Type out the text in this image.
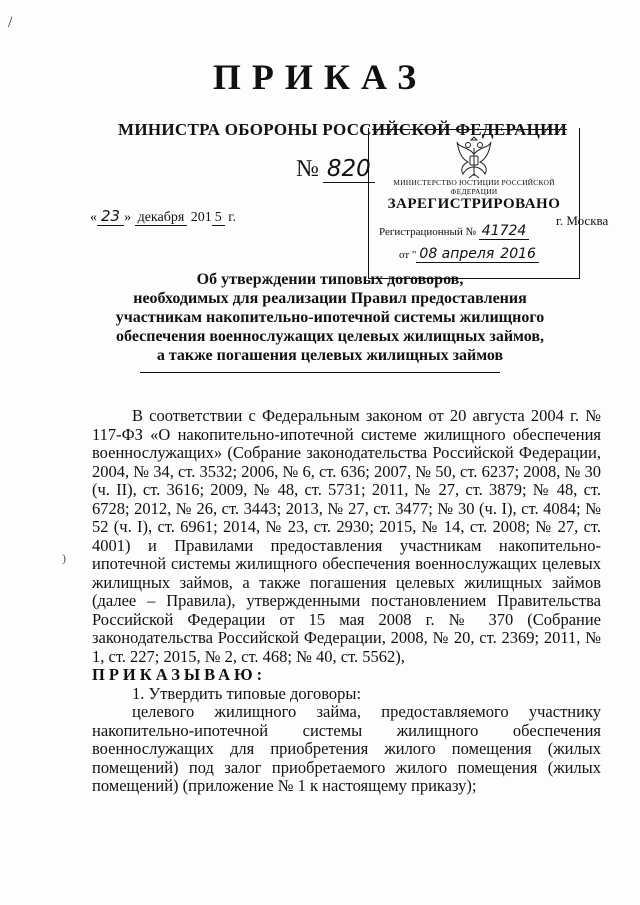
/
ПРИКАЗ
МИНИСТРА ОБОРОНЫ РОССИЙСКОЙ ФЕДЕРАЦИИ
№ 820
« 23 » декабря 201 5 г.
МИНИСТЕРСТВО ЮСТИЦИИ РОССИЙСКОЙ ФЕДЕРАЦИИ
ЗАРЕГИСТРИРОВАНО
Регистрационный № 41724
от " 08 апреля 2016
г. Москва
Об утверждении типовых договоров,
необходимых для реализации Правил предоставления
участникам накопительно-ипотечной системы жилищного
обеспечения военнослужащих целевых жилищных займов,
а также погашения целевых жилищных займов
)

В соответствии с Федеральным законом от 20 августа 2004 г. № 117-ФЗ «О накопительно-ипотечной системе жилищного обеспечения военнослужащих» (Собрание законодательства Российской Федерации, 2004, № 34, ст. 3532; 2006, № 6, ст. 636; 2007, № 50, ст. 6237; 2008, № 30 (ч. II), ст. 3616; 2009, № 48, ст. 5731; 2011, № 27, ст. 3879; № 48, ст. 6728; 2012, № 26, ст. 3443; 2013, № 27, ст. 3477; № 30 (ч. I), ст. 4084; № 52 (ч. I), ст. 6961; 2014, № 23, ст. 2930; 2015, № 14, ст. 2008; № 27, ст. 4001) и Правилами предоставления участникам накопительно-ипотечной системы жилищного обеспечения военнослужащих целевых жилищных займов, а также погашения целевых жилищных займов (далее – Правила), утвержденными постановлением Правительства Российской Федерации от 15 мая 2008 г. № 370 (Собрание законодательства Российской Федерации, 2008, № 20, ст. 2369; 2011, № 1, ст. 227; 2015, № 2, ст. 468; № 40, ст. 5562),

ПРИКАЗЫВАЮ:

1. Утвердить типовые договоры:

целевого жилищного займа, предоставляемого участнику накопительно-ипотечной системы жилищного обеспечения военнослужащих для приобретения жилого помещения (жилых помещений) под залог приобретаемого жилого помещения (жилых помещений) (приложение № 1 к настоящему приказу);
